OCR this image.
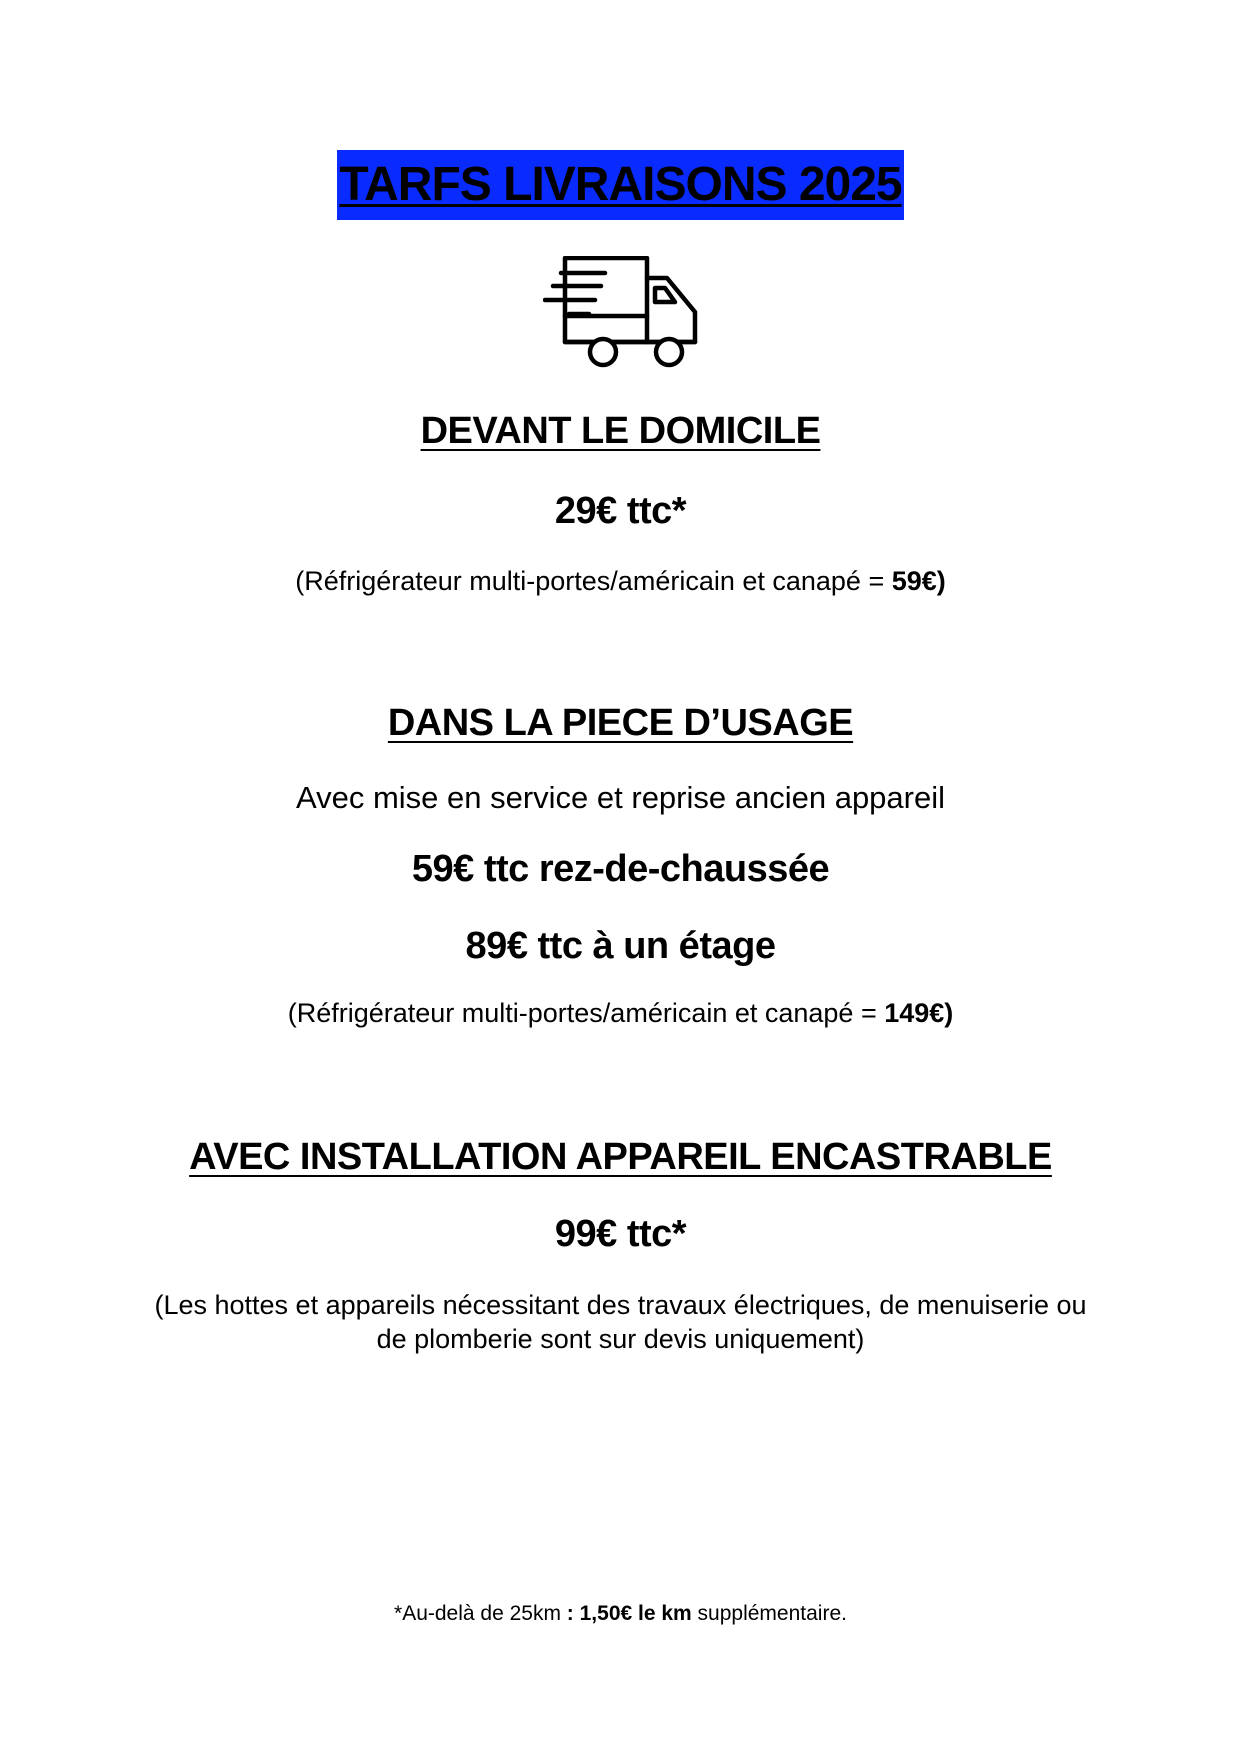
TARFS LIVRAISONS 2025
DEVANT LE DOMICILE
29€ ttc*
(Réfrigérateur multi-portes/américain et canapé = 59€)
DANS LA PIECE D’USAGE
Avec mise en service et reprise ancien appareil
59€ ttc rez-de-chaussée
89€ ttc à un étage
(Réfrigérateur multi-portes/américain et canapé = 149€)
AVEC INSTALLATION APPAREIL ENCASTRABLE
99€ ttc*
(Les hottes et appareils nécessitant des travaux électriques, de menuiserie ou
de plomberie sont sur devis uniquement)
*Au-delà de 25km : 1,50€ le km supplémentaire.
